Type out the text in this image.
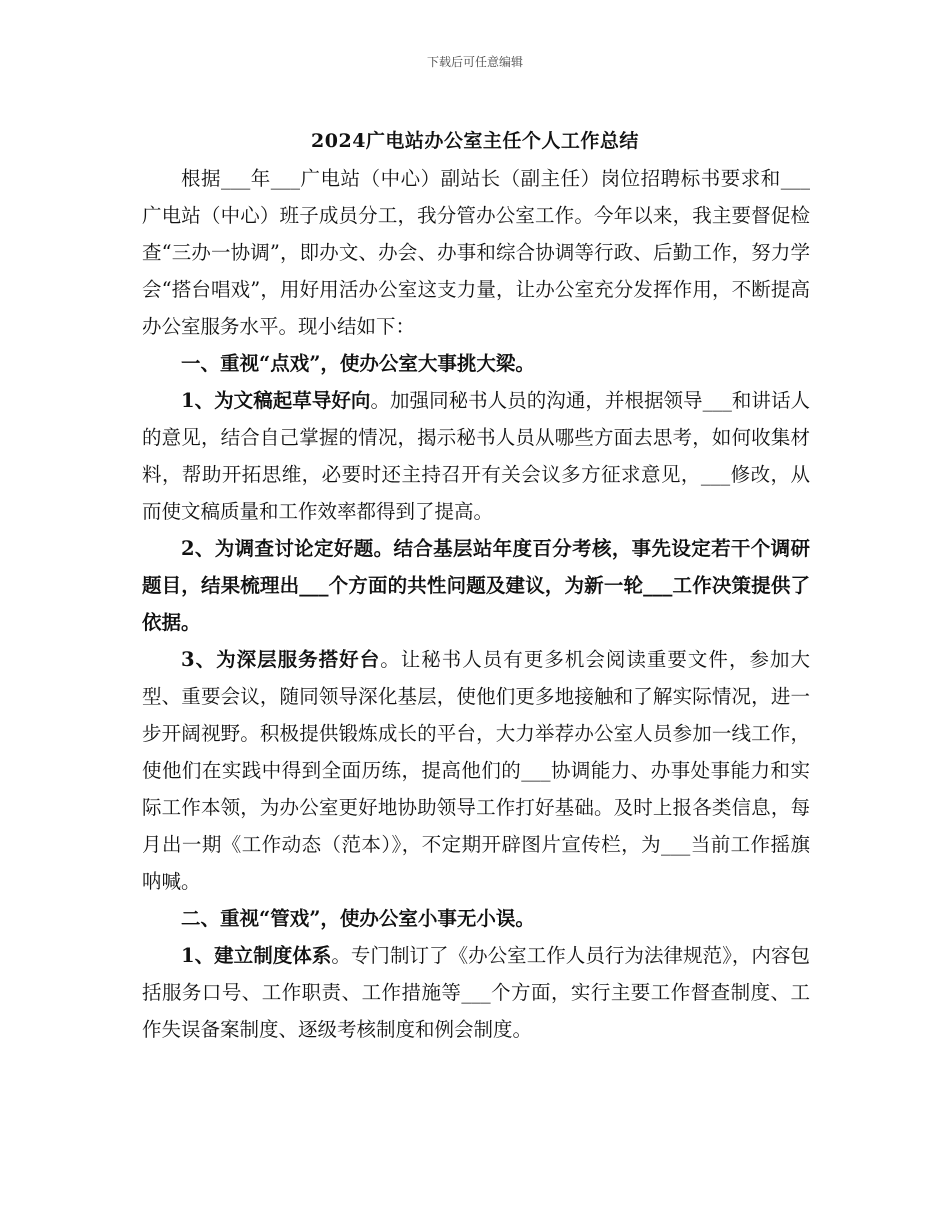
下载后可任意编辑
2024广电站办公室主任个人工作总结

根据___年___广电站（中心）副站长（副主任）岗位招聘标书要求和___广电站（中心）班子成员分工，我分管办公室工作。今年以来，我主要督促检查“三办一协调”，即办文、办会、办事和综合协调等行政、后勤工作，努力学会“搭台唱戏”，用好用活办公室这支力量，让办公室充分发挥作用，不断提高办公室服务水平。现小结如下：

一、重视“点戏”，使办公室大事挑大梁。

1、为文稿起草导好向。加强同秘书人员的沟通，并根据领导___和讲话人的意见，结合自己掌握的情况，揭示秘书人员从哪些方面去思考，如何收集材料，帮助开拓思维，必要时还主持召开有关会议多方征求意见，___修改，从而使文稿质量和工作效率都得到了提高。

2、为调查讨论定好题。结合基层站年度百分考核，事先设定若干个调研题目，结果梳理出___个方面的共性问题及建议，为新一轮___工作决策提供了依据。

3、为深层服务搭好台。让秘书人员有更多机会阅读重要文件，参加大型、重要会议，随同领导深化基层，使他们更多地接触和了解实际情况，进一步开阔视野。积极提供锻炼成长的平台，大力举荐办公室人员参加一线工作，使他们在实践中得到全面历练，提高他们的___协调能力、办事处事能力和实际工作本领，为办公室更好地协助领导工作打好基础。及时上报各类信息，每月出一期《工作动态（范本）》，不定期开辟图片宣传栏，为___当前工作摇旗呐喊。

二、重视“管戏”，使办公室小事无小误。

1、建立制度体系。专门制订了《办公室工作人员行为法律规范》，内容包括服务口号、工作职责、工作措施等___个方面，实行主要工作督查制度、工作失误备案制度、逐级考核制度和例会制度。
